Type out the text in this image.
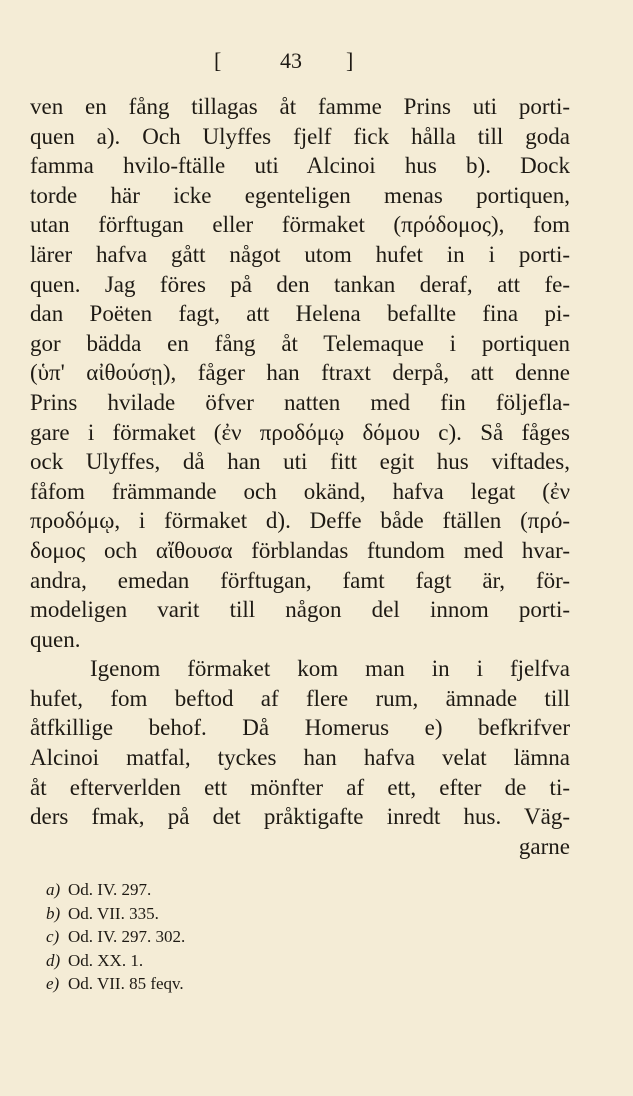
[	43 ]
ven en fång tillagas åt famme Prins uti porti-
quen a). Och Ulyffes fjelf fick hålla till goda
famma hvilo-ftälle uti Alcinoi hus b). Dock
torde här icke egenteligen menas portiquen,
utan förftugan eller förmaket (πρόδομος), fom
lärer hafva gått något utom hufet in i porti-
quen. Jag föres på den tankan deraf, att fe-
dan Poëten fagt, att Helena befallte fina pi-
gor bädda en fång åt Telemaque i portiquen
(ὑπ' αἰθούσῃ), fåger han ftraxt derpå, att denne
Prins hvilade öfver natten med fin följefla-
gare i förmaket (ἐν προδόμῳ δόμου c). Så fåges
ock Ulyffes, då han uti fitt egit hus viftades,
fåfom främmande och okänd, hafva legat (ἐν
προδόμῳ, i förmaket d). Deffe både ftällen (πρό-
δομος och αἴθουσα förblandas ftundom med hvar-
andra, emedan förftugan, famt fagt är, för-
modeligen varit till någon del innom porti-
quen.
Igenom förmaket kom man in i fjelfva
hufet, fom beftod af flere rum, ämnade till
åtfkillige behof. Då Homerus e) befkrifver
Alcinoi matfal, tyckes han hafva velat lämna
åt efterverlden ett mönfter af ett, efter de ti-
ders fmak, på det pråktigafte inredt hus. Väg-
garne
a) Od. IV. 297.
b) Od. VII. 335.
c) Od. IV. 297. 302.
d) Od. XX. 1.
e) Od. VII. 85 feqv.
